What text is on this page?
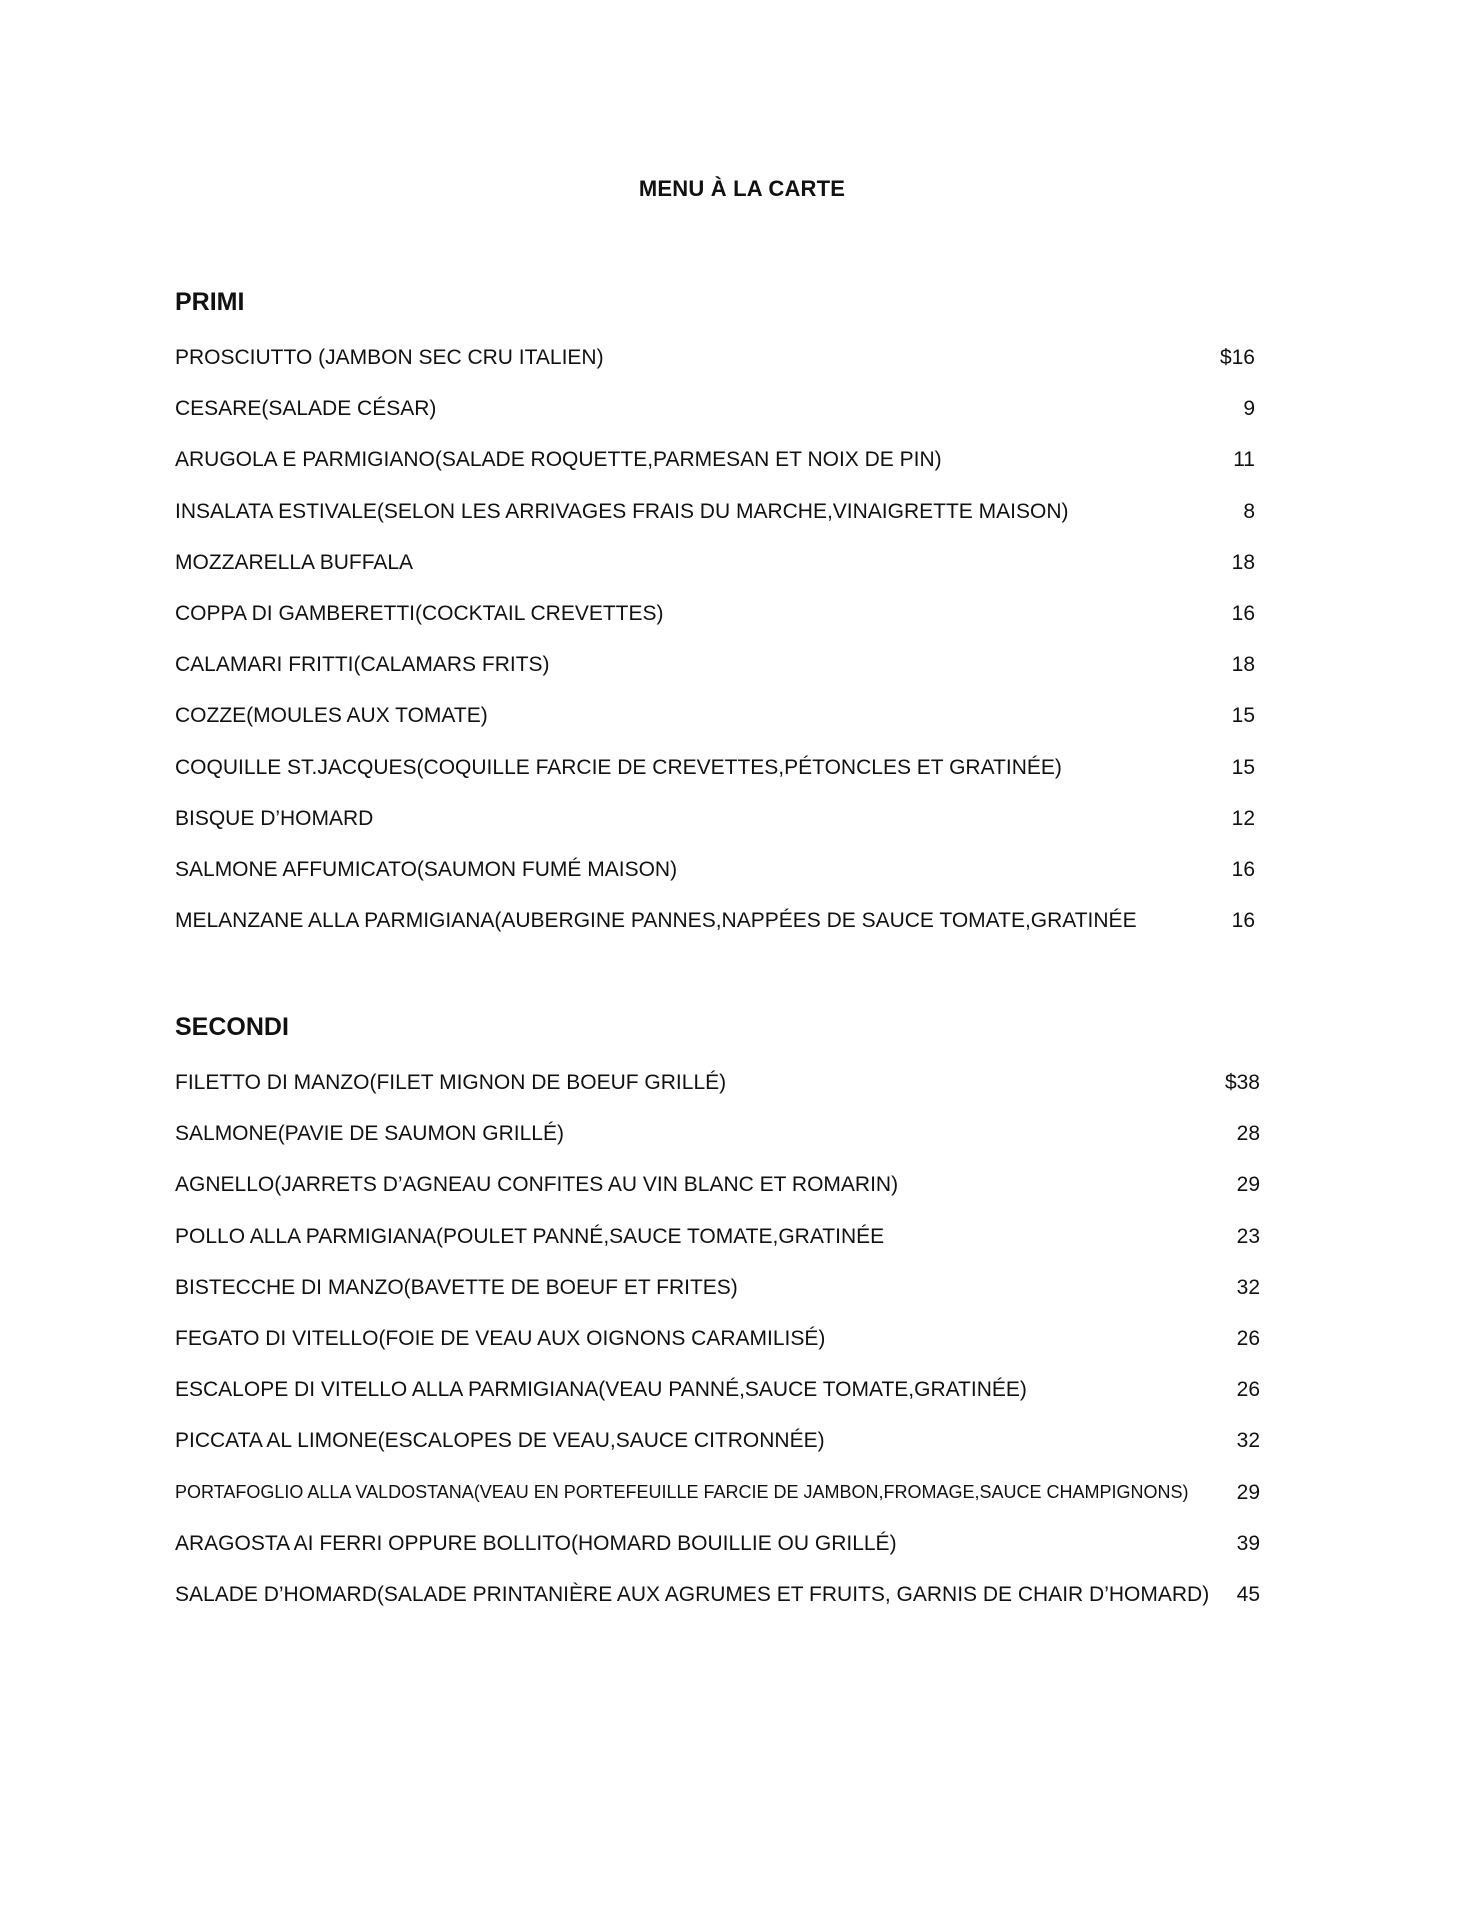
MENU À LA CARTE
PRIMI
PROSCIUTTO (JAMBON SEC CRU ITALIEN)	$16
CESARE(SALADE CÉSAR)	9
ARUGOLA E PARMIGIANO(SALADE ROQUETTE,PARMESAN ET NOIX DE PIN)	11
INSALATA ESTIVALE(SELON LES ARRIVAGES FRAIS DU MARCHE,VINAIGRETTE MAISON)	8
MOZZARELLA BUFFALA	18
COPPA DI GAMBERETTI(COCKTAIL CREVETTES)	16
CALAMARI FRITTI(CALAMARS FRITS)	18
COZZE(MOULES AUX TOMATE)	15
COQUILLE ST.JACQUES(COQUILLE FARCIE DE CREVETTES,PÉTONCLES ET GRATINÉE)	15
BISQUE D’HOMARD	12
SALMONE AFFUMICATO(SAUMON FUMÉ MAISON)	16
MELANZANE ALLA PARMIGIANA(AUBERGINE PANNES,NAPPÉES DE SAUCE TOMATE,GRATINÉE	16
SECONDI
FILETTO DI MANZO(FILET MIGNON DE BOEUF GRILLÉ)	$38
SALMONE(PAVIE DE SAUMON GRILLÉ)	28
AGNELLO(JARRETS D’AGNEAU CONFITES AU VIN BLANC ET ROMARIN)	29
POLLO ALLA PARMIGIANA(POULET PANNÉ,SAUCE TOMATE,GRATINÉE	23
BISTECCHE DI MANZO(BAVETTE DE BOEUF ET FRITES)	32
FEGATO DI VITELLO(FOIE DE VEAU AUX OIGNONS CARAMILISÉ)	26
ESCALOPE DI VITELLO ALLA PARMIGIANA(VEAU PANNÉ,SAUCE TOMATE,GRATINÉE)	26
PICCATA AL LIMONE(ESCALOPES DE VEAU,SAUCE CITRONNÉE)	32
PORTAFOGLIO ALLA VALDOSTANA(VEAU EN PORTEFEUILLE FARCIE DE JAMBON,FROMAGE,SAUCE CHAMPIGNONS)	29
ARAGOSTA AI FERRI OPPURE BOLLITO(HOMARD BOUILLIE OU GRILLÉ)	39
SALADE D’HOMARD(SALADE PRINTANIÈRE AUX AGRUMES ET FRUITS, GARNIS DE CHAIR D’HOMARD)	45
